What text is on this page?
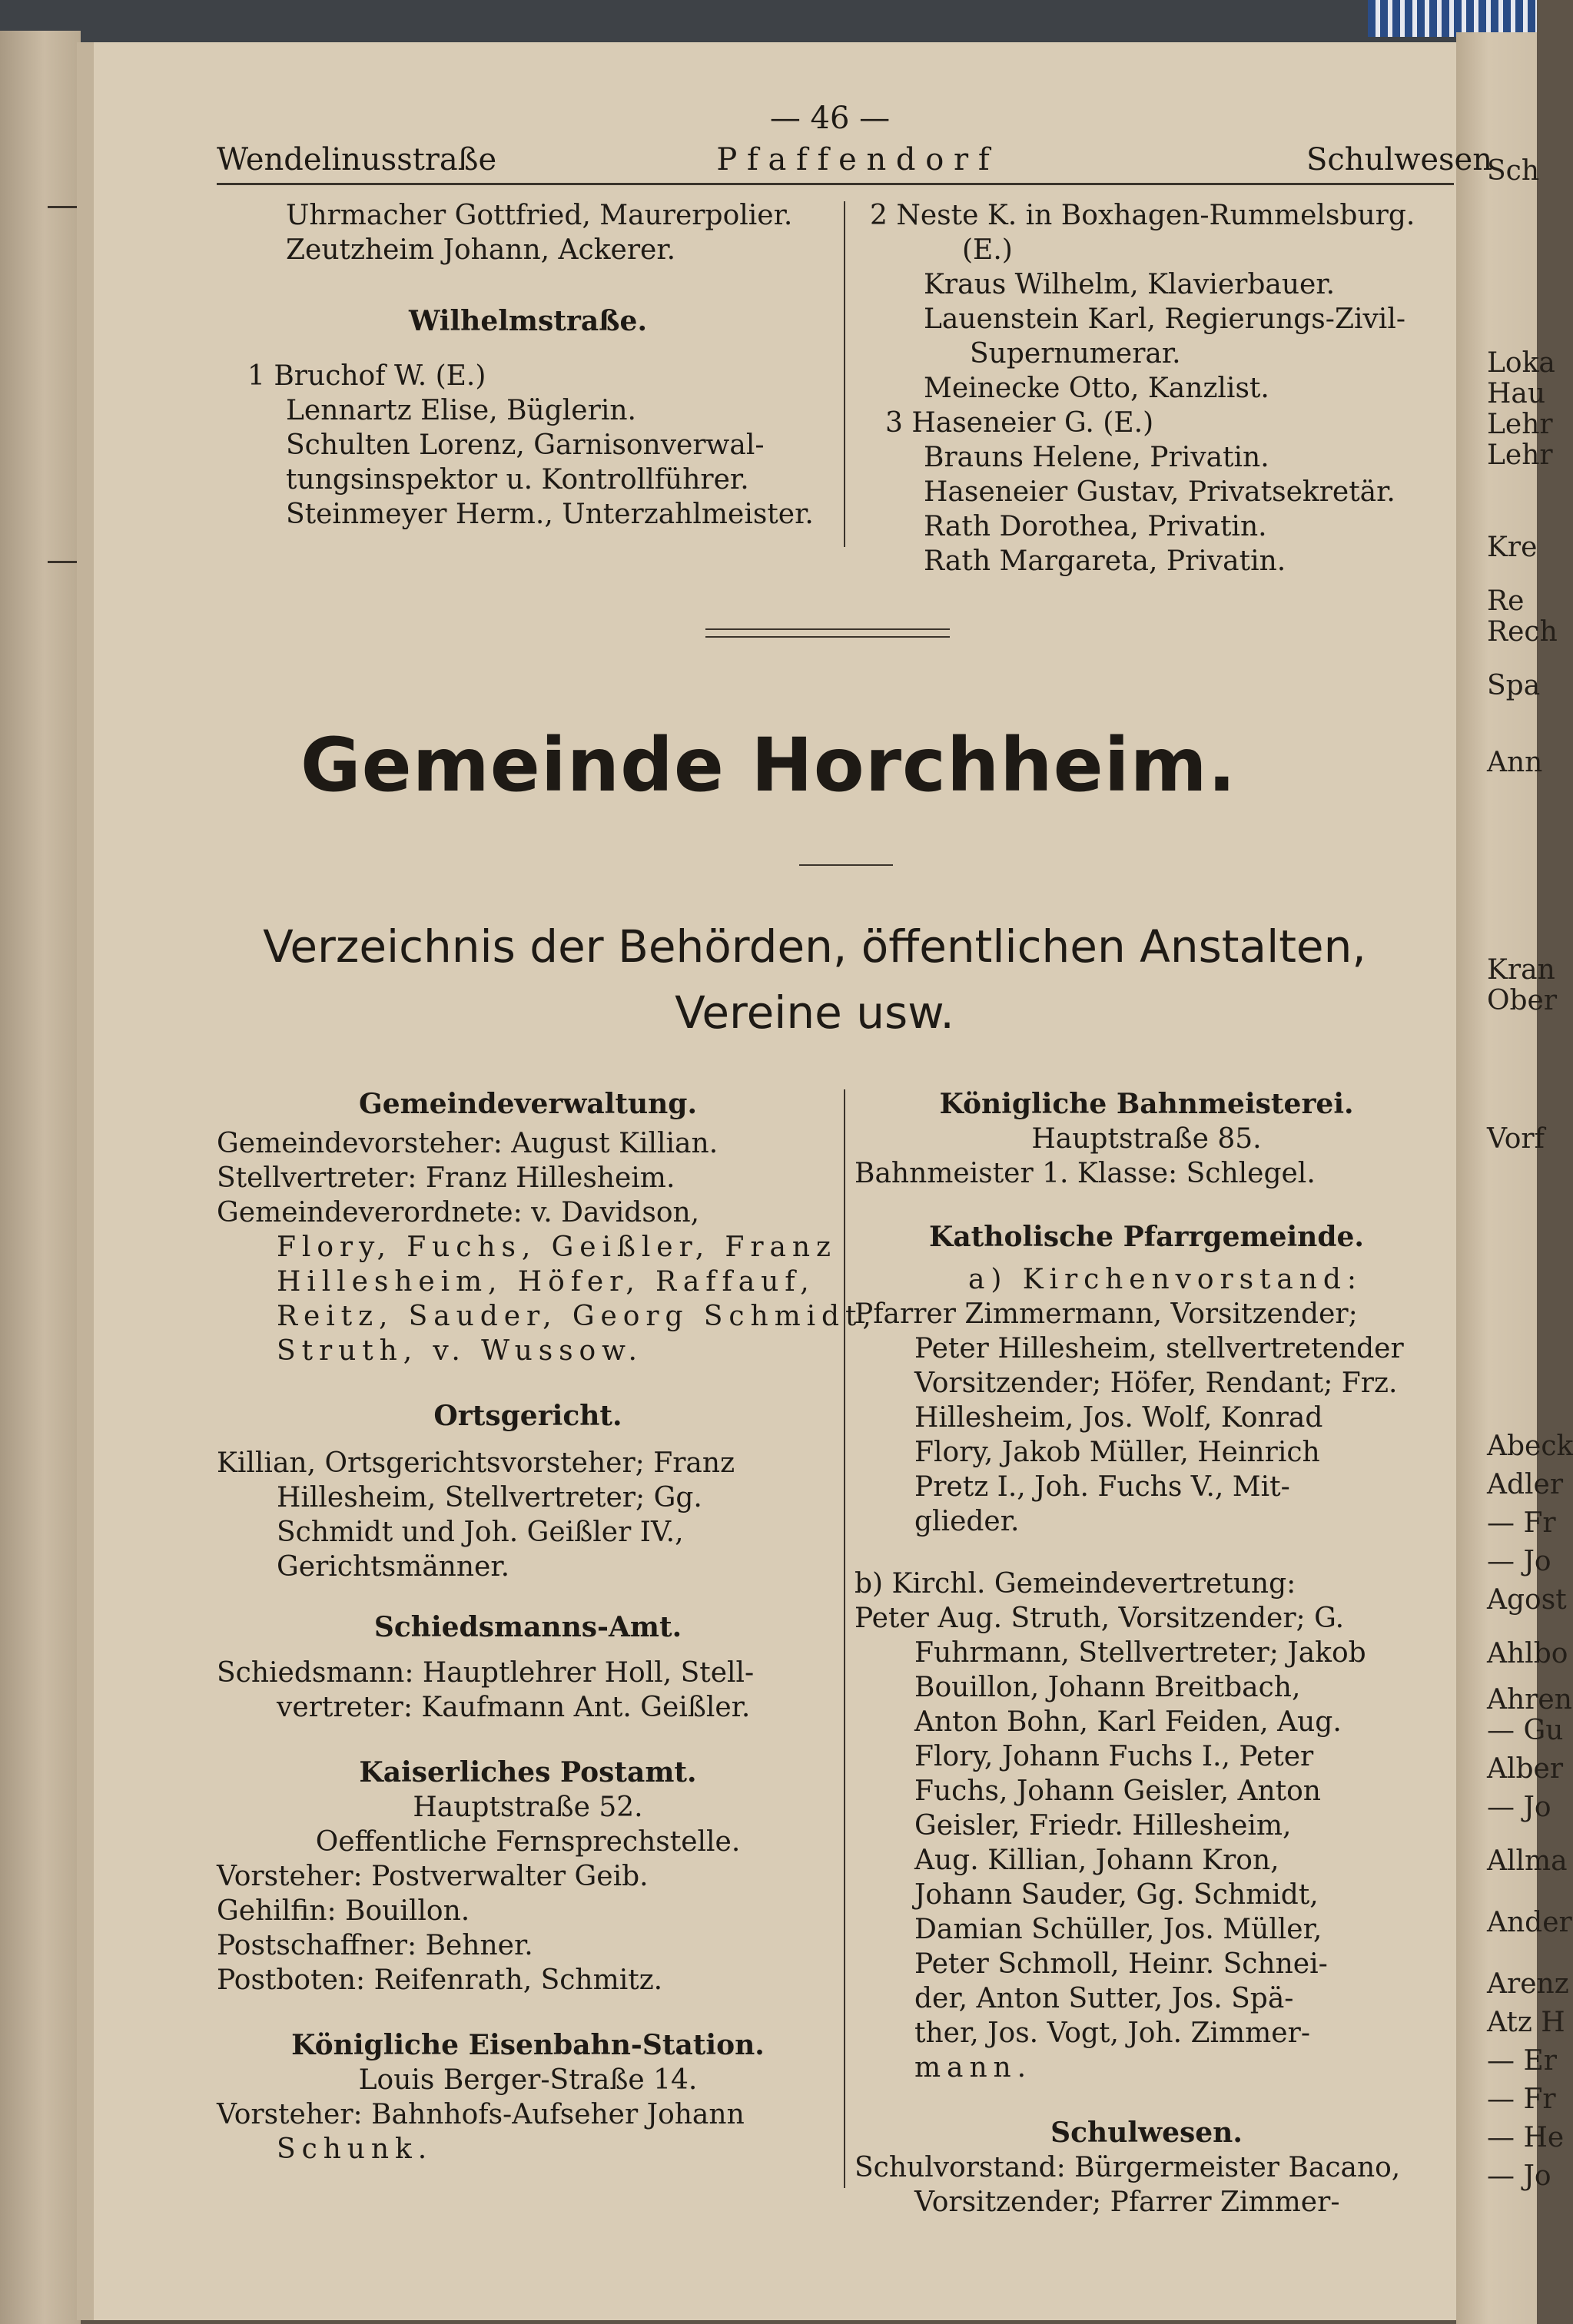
Sch
Loka
Hau
Lehr
Lehr
Kre
Re
Rech
Spa
Ann
Kran
Ober
Vorf
Abeck
Adler
— Fr
— Jo
Agost
Ahlbo
Ahren
— Gu
Alber
— Jo
Allma
Ander
Arenz
Atz H
— Er
— Fr
— He
— Jo
— 46 —
Wendelinusstraße	P f a f f e n d o r f	Schulwesen
Uhrmacher Gottfried, Maurerpolier.
Zeutzheim Johann, Ackerer.
Wilhelmstraße.
1 Bruchof W. (E.)
Lennartz Elise, Büglerin.
Schulten Lorenz, Garnisonverwal-
tungsinspektor u. Kontrollführer.
Steinmeyer Herm., Unterzahlmeister.
2 Neste K. in Boxhagen-Rummelsburg.
(E.)
Kraus Wilhelm, Klavierbauer.
Lauenstein Karl, Regierungs-Zivil-
Supernumerar.
Meinecke Otto, Kanzlist.
3 Haseneier G. (E.)
Brauns Helene, Privatin.
Haseneier Gustav, Privatsekretär.
Rath Dorothea, Privatin.
Rath Margareta, Privatin.
Gemeinde Horchheim.
Verzeichnis der Behörden, öffentlichen Anstalten,
Vereine usw.
Gemeindeverwaltung.
Gemeindevorsteher: August Killian.
Stellvertreter: Franz Hillesheim.
Gemeindeverordnete: v. Davidson,
Flory, Fuchs, Geißler, Franz
Hillesheim, Höfer, Raffauf,
Reitz, Sauder, Georg Schmidt,
Struth, v. Wussow.
Ortsgericht.
Killian, Ortsgerichtsvorsteher; Franz
Hillesheim, Stellvertreter; Gg.
Schmidt und Joh. Geißler IV.,
Gerichtsmänner.
Schiedsmanns-Amt.
Schiedsmann: Hauptlehrer Holl, Stell-
vertreter: Kaufmann Ant. Geißler.
Kaiserliches Postamt.
Hauptstraße 52.
Oeffentliche Fernsprechstelle.
Vorsteher: Postverwalter Geib.
Gehilfin: Bouillon.
Postschaffner: Behner.
Postboten: Reifenrath, Schmitz.
Königliche Eisenbahn-Station.
Louis Berger-Straße 14.
Vorsteher: Bahnhofs-Aufseher Johann
Schunk.
Königliche Bahnmeisterei.
Hauptstraße 85.
Bahnmeister 1. Klasse: Schlegel.
Katholische Pfarrgemeinde.
a) Kirchenvorstand:
Pfarrer Zimmermann, Vorsitzender;
Peter Hillesheim, stellvertretender
Vorsitzender; Höfer, Rendant; Frz.
Hillesheim, Jos. Wolf, Konrad
Flory, Jakob Müller, Heinrich
Pretz I., Joh. Fuchs V., Mit-
glieder.
b) Kirchl. Gemeindevertretung:
Peter Aug. Struth, Vorsitzender; G.
Fuhrmann, Stellvertreter; Jakob
Bouillon, Johann Breitbach,
Anton Bohn, Karl Feiden, Aug.
Flory, Johann Fuchs I., Peter
Fuchs, Johann Geisler, Anton
Geisler, Friedr. Hillesheim,
Aug. Killian, Johann Kron,
Johann Sauder, Gg. Schmidt,
Damian Schüller, Jos. Müller,
Peter Schmoll, Heinr. Schnei-
der, Anton Sutter, Jos. Spä-
ther, Jos. Vogt, Joh. Zimmer-
mann.
Schulwesen.
Schulvorstand: Bürgermeister Bacano,
Vorsitzender; Pfarrer Zimmer-
